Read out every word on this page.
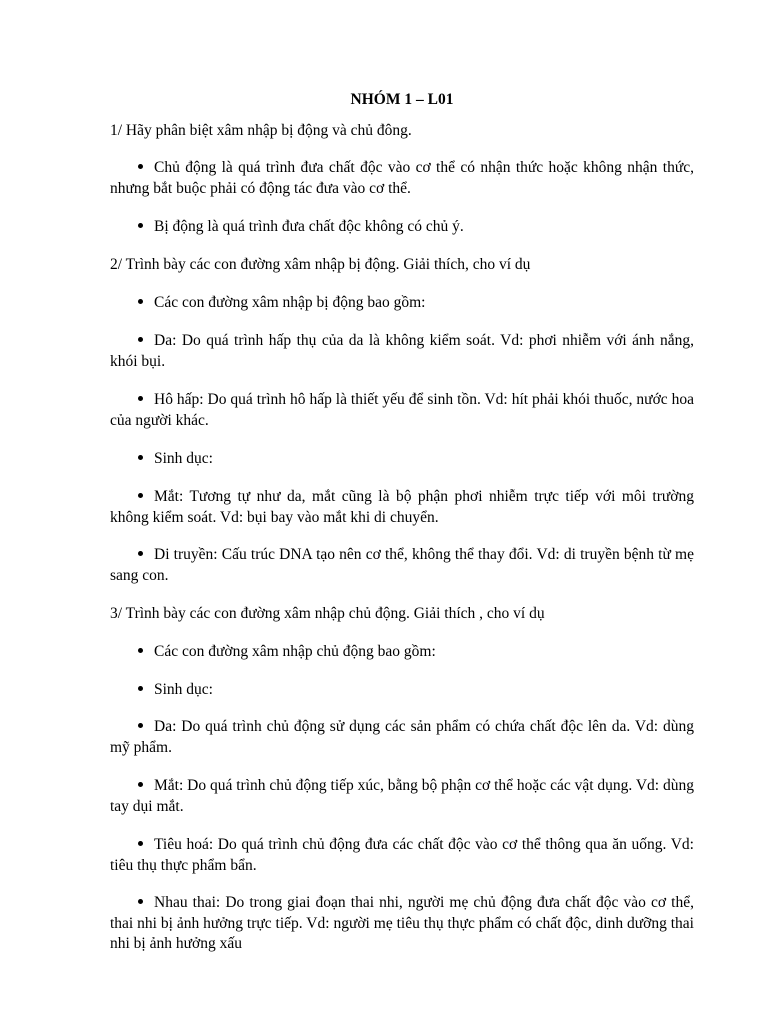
NHÓM 1 – L01

1/ Hãy phân biệt xâm nhập bị động và chủ đông.

Chủ động là quá trình đưa chất độc vào cơ thể có nhận thức hoặc không nhận thức, nhưng bắt buộc phải có động tác đưa vào cơ thể.

Bị động là quá trình đưa chất độc không có chủ ý.

2/ Trình bày các con đường xâm nhập bị động. Giải thích, cho ví dụ

Các con đường xâm nhập bị động bao gồm:

Da: Do quá trình hấp thụ của da là không kiểm soát. Vd: phơi nhiễm với ánh nắng, khói bụi.

Hô hấp: Do quá trình hô hấp là thiết yếu để sinh tồn. Vd: hít phải khói thuốc, nước hoa của người khác.

Sinh dục:

Mắt: Tương tự như da, mắt cũng là bộ phận phơi nhiễm trực tiếp với môi trường không kiểm soát. Vd: bụi bay vào mắt khi di chuyển.

Di truyền: Cấu trúc DNA tạo nên cơ thể, không thể thay đổi. Vd: di truyền bệnh từ mẹ sang con.

3/ Trình bày các con đường xâm nhập chủ động. Giải thích , cho ví dụ

Các con đường xâm nhập chủ động bao gồm:

Sinh dục:

Da: Do quá trình chủ động sử dụng các sản phẩm có chứa chất độc lên da. Vd: dùng mỹ phẩm.

Mắt: Do quá trình chủ động tiếp xúc, bằng bộ phận cơ thể hoặc các vật dụng. Vd: dùng tay dụi mắt.

Tiêu hoá: Do quá trình chủ động đưa các chất độc vào cơ thể thông qua ăn uống. Vd: tiêu thụ thực phẩm bẩn.

Nhau thai: Do trong giai đoạn thai nhi, người mẹ chủ động đưa chất độc vào cơ thể, thai nhi bị ảnh hưởng trực tiếp. Vd: người mẹ tiêu thụ thực phẩm có chất độc, dinh dưỡng thai nhi bị ảnh hưởng xấu
